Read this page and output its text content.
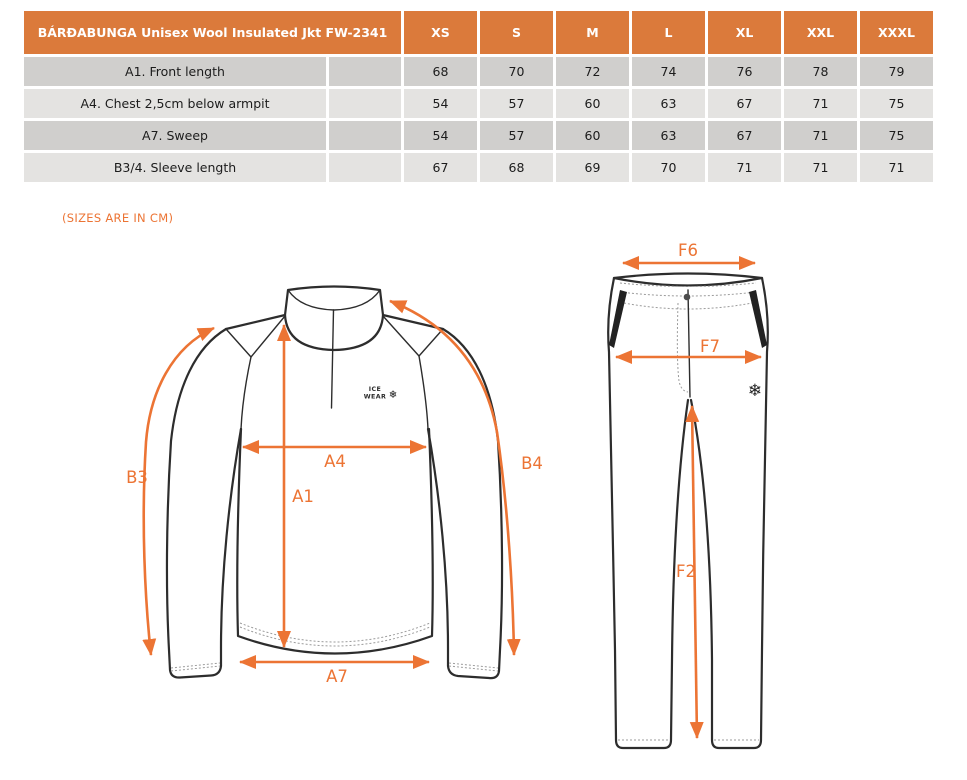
BÁRÐABUNGA Unisex Wool Insulated Jkt FW-2341		XS	S	M	L	XL	XXL	XXXL
A1. Front length		68	70	72	74	76	78	79
A4. Chest 2,5cm below armpit		54	57	60	63	67	71	75
A7. Sweep		54	57	60	63	67	71	75
B3/4. Sleeve length		67	68	69	70	71	71	71
(SIZES ARE IN CM)
ICE
WEAR ❄	❄
B3
B4
A4
A1
A7
F6
F7
F2
